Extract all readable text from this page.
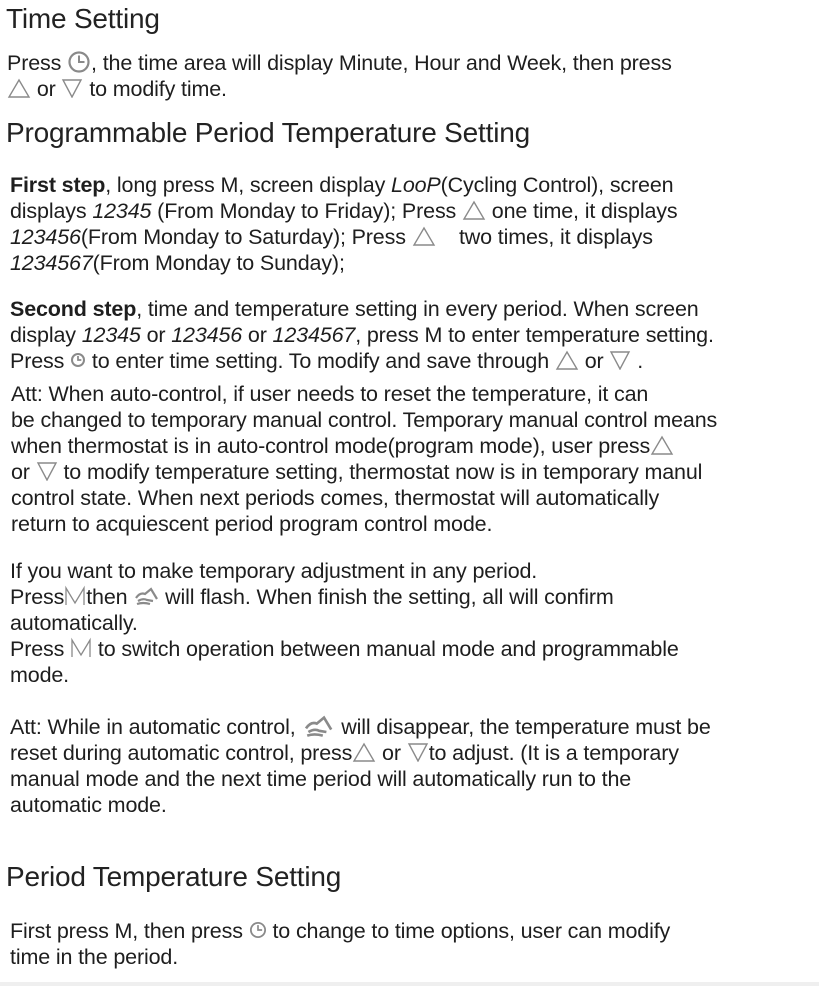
Time Setting
Press , the time area will display Minute, Hour and Week, then press
or to modify time.
Programmable Period Temperature Setting
First step, long press M, screen display LooP(Cycling Control), screen
displays 12345 (From Monday to Friday); Press one time, it displays
123456(From Monday to Saturday); Press two times, it displays
1234567(From Monday to Sunday);
Second step, time and temperature setting in every period. When screen
display 12345 or 123456 or 1234567, press M to enter temperature setting.
Press to enter time setting. To modify and save through or .
Att: When auto-control, if user needs to reset the temperature, it can
be changed to temporary manual control. Temporary manual control means
when thermostat is in auto-control mode(program mode), user press
or to modify temperature setting, thermostat now is in temporary manul
control state. When next periods comes, thermostat will automatically
return to acquiescent period program control mode.
If you want to make temporary adjustment in any period.
Press then will flash. When finish the setting, all will confirm
automatically.
Press to switch operation between manual mode and programmable
mode.
Att: While in automatic control, will disappear, the temperature must be
reset during automatic control, press or to adjust. (It is a temporary
manual mode and the next time period will automatically run to the
automatic mode.
Period Temperature Setting
First press M, then press to change to time options, user can modify
time in the period.
